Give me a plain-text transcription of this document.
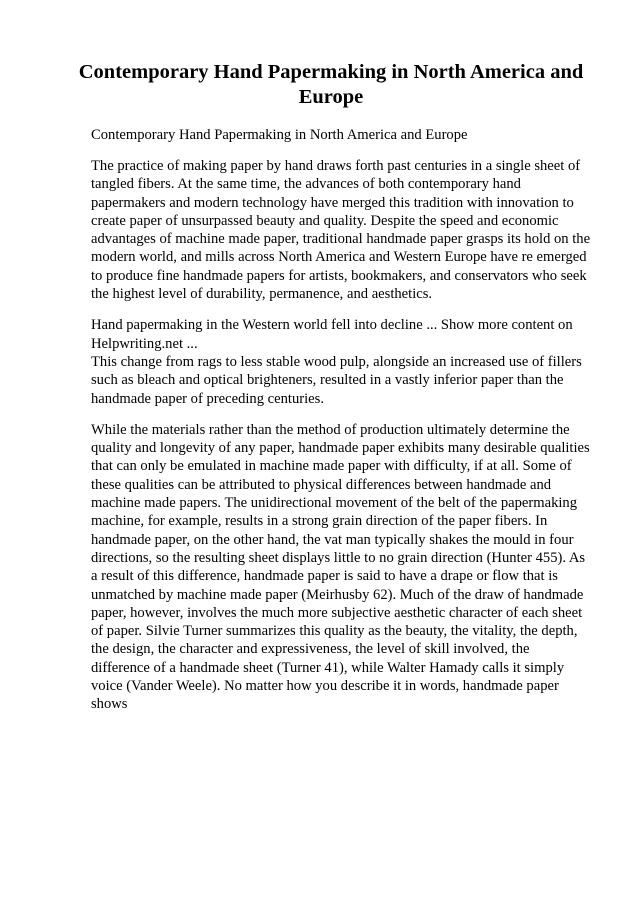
Contemporary Hand Papermaking in North America and Europe
Contemporary Hand Papermaking in North America and Europe

The practice of making paper by hand draws forth past centuries in a single sheet of tangled fibers. At the same time, the advances of both contemporary hand papermakers and modern technology have merged this tradition with innovation to create paper of unsurpassed beauty and quality. Despite the speed and economic advantages of machine made paper, traditional handmade paper grasps its hold on the modern world, and mills across North America and Western Europe have re emerged to produce fine handmade papers for artists, bookmakers, and conservators who seek the highest level of durability, permanence, and aesthetics.

Hand papermaking in the Western world fell into decline ... Show more content on Helpwriting.net ...

This change from rags to less stable wood pulp, alongside an increased use of fillers such as bleach and optical brighteners, resulted in a vastly inferior paper than the handmade paper of preceding centuries.

While the materials rather than the method of production ultimately determine the quality and longevity of any paper, handmade paper exhibits many desirable qualities that can only be emulated in machine made paper with difficulty, if at all. Some of these qualities can be attributed to physical differences between handmade and machine made papers. The unidirectional movement of the belt of the papermaking machine, for example, results in a strong grain direction of the paper fibers. In handmade paper, on the other hand, the vat man typically shakes the mould in four directions, so the resulting sheet displays little to no grain direction (Hunter 455). As a result of this difference, handmade paper is said to have a drape or flow that is unmatched by machine made paper (Meirhusby 62). Much of the draw of handmade paper, however, involves the much more subjective aesthetic character of each sheet of paper. Silvie Turner summarizes this quality as the beauty, the vitality, the depth, the design, the character and expressiveness, the level of skill involved, the difference of a handmade sheet (Turner 41), while Walter Hamady calls it simply voice (Vander Weele). No matter how you describe it in words, handmade paper shows
